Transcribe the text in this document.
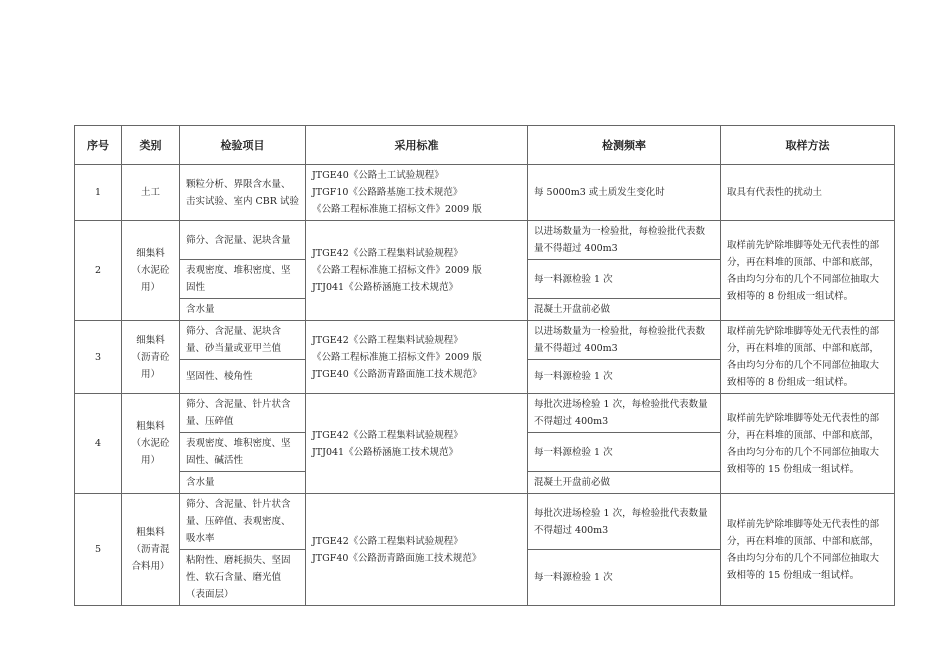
序号	类别	检验项目	采用标准	检测频率	取样方法
1	土工	颗粒分析、界限含水量、击实试验、室内 CBR 试验	JTGE40《公路土工试验规程》
JTGF10《公路路基施工技术规范》
《公路工程标准施工招标文件》2009 版	每 5000m3 或土质发生变化时	取具有代表性的扰动土
2	细集料（水泥砼用）	筛分、含泥量、泥块含量	JTGE42《公路工程集料试验规程》
《公路工程标准施工招标文件》2009 版
JTJ041《公路桥涵施工技术规范》	以进场数量为一检验批，每检验批代表数量不得超过 400m3	取样前先铲除堆脚等处无代表性的部分，再在料堆的顶部、中部和底部，各由均匀分布的几个不同部位抽取大致相等的 8 份组成一组试样。
		表观密度、堆积密度、坚固性		每一料源检验 1 次	
		含水量		混凝土开盘前必做	
3	细集料（沥青砼用）	筛分、含泥量、泥块含量、砂当量或亚甲兰值	JTGE42《公路工程集料试验规程》
《公路工程标准施工招标文件》2009 版
JTGE40《公路沥青路面施工技术规范》	以进场数量为一检验批，每检验批代表数量不得超过 400m3	取样前先铲除堆脚等处无代表性的部分，再在料堆的顶部、中部和底部，各由均匀分布的几个不同部位抽取大致相等的 8 份组成一组试样。
		坚固性、棱角性		每一料源检验 1 次	
4	粗集料（水泥砼用）	筛分、含泥量、针片状含量、压碎值	JTGE42《公路工程集料试验规程》
JTJ041《公路桥涵施工技术规范》	每批次进场检验 1 次，每检验批代表数量不得超过 400m3	取样前先铲除堆脚等处无代表性的部分，再在料堆的顶部、中部和底部，各由均匀分布的几个不同部位抽取大致相等的 15 份组成一组试样。
		表观密度、堆积密度、坚固性、碱活性		每一料源检验 1 次	
		含水量		混凝土开盘前必做	
5	粗集料（沥青混合料用）	筛分、含泥量、针片状含量、压碎值、表观密度、吸水率	JTGE42《公路工程集料试验规程》
JTGF40《公路沥青路面施工技术规范》	每批次进场检验 1 次，每检验批代表数量不得超过 400m3	取样前先铲除堆脚等处无代表性的部分，再在料堆的顶部、中部和底部，各由均匀分布的几个不同部位抽取大致相等的 15 份组成一组试样。
		粘附性、磨耗损失、坚固性、软石含量、磨光值（表面层）		每一料源检验 1 次	
